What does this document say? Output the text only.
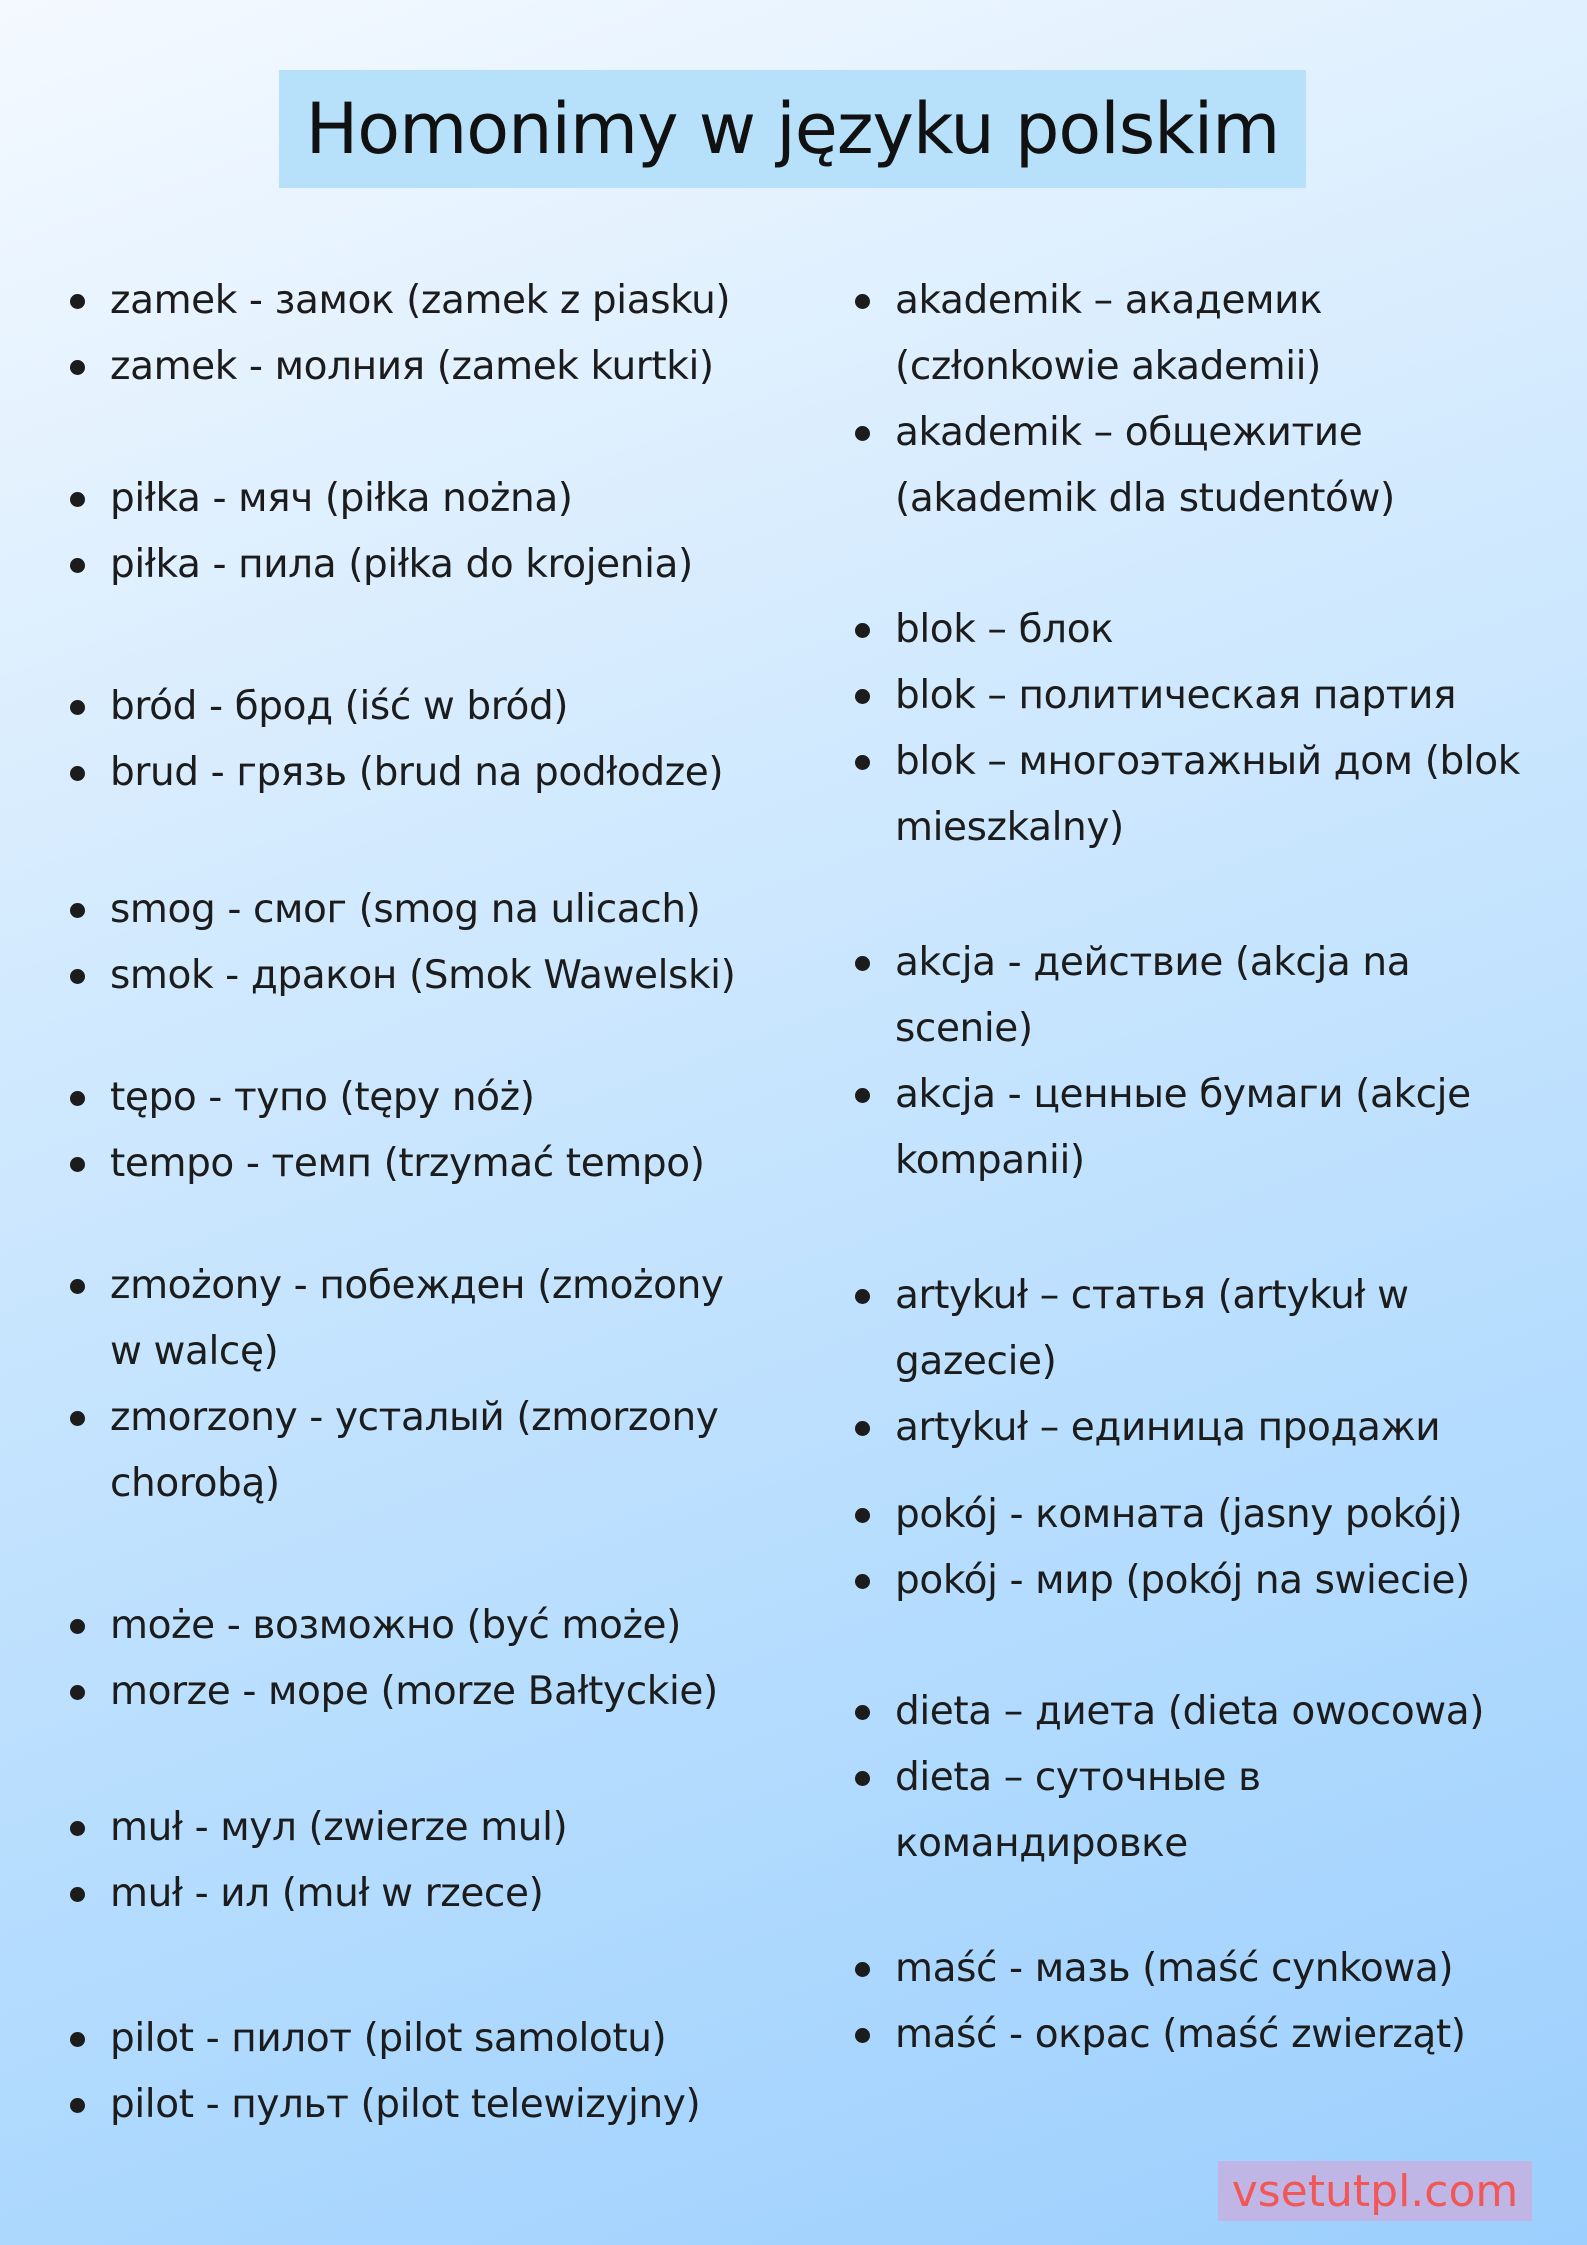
Homonimy w języku polskim
zamek - замок (zamek z piasku)
zamek - молния (zamek kurtki)
piłka - мяч (piłka nożna)
piłka - пила (piłka do krojenia)
bród - брод (iść w bród)
brud - грязь (brud na podłodze)
smog - смог (smog na ulicach)
smok - дракон (Smok Wawelski)
tępo - тупо (tępy nóż)
tempo - темп (trzymać tempo)
zmożony - побежден (zmożony
w walcę)
zmorzony - усталый (zmorzony
chorobą)
może - возможно (być może)
morze - море (morze Bałtyckie)
muł - мул (zwierze mul)
muł - ил (muł w rzece)
pilot - пилот (pilot samolotu)
pilot - пульт (pilot telewizyjny)
akademik – академик (członkowie akademii)
akademik – общежитие (akademik dla studentów)
blok – блок
blok – политическая партия
blok – многоэтажный дом (blok mieszkalny)
akcja - действие (akcja na scenie)
akcja - ценные бумаги (akcje kompanii)
artykuł – статья (artykuł w gazecie)
artykuł – единица продажи
pokój - комната (jasny pokój)
pokój - мир (pokój na swiecie)
dieta – диета (dieta owocowa)
dieta – суточные в командировке
maść - мазь (maść cynkowa)
maść - окрас (maść zwierząt)
vsetutpl.com
